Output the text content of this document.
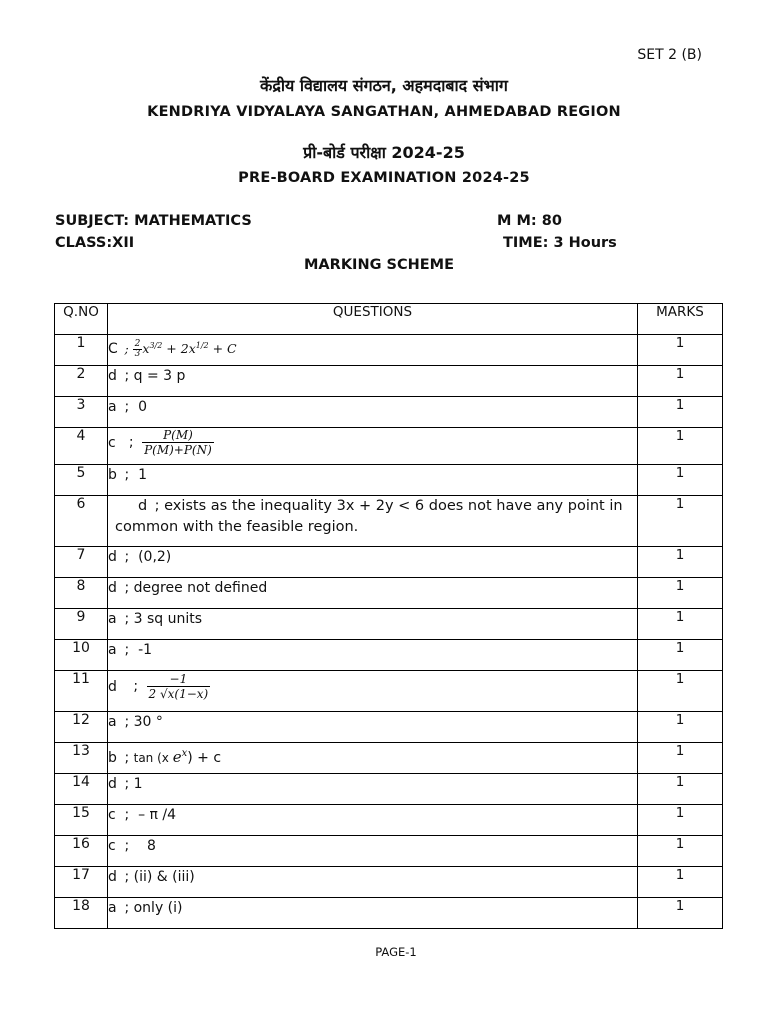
SET 2 (B)
केंद्रीय विद्यालय संगठन, अहमदाबाद संभाग
KENDRIYA VIDYALAYA SANGATHAN, AHMEDABAD REGION
प्री-बोर्ड परीक्षा 2024-25
PRE-BOARD EXAMINATION 2024-25
SUBJECT: MATHEMATICS	M M: 80
CLASS:XII	TIME: 3 Hours
MARKING SCHEME
Q.NO	QUESTIONS	MARKS
1	C ; $\frac{2}{3} x^{3/2} + 2x^{1/2} + C$	1
2	d ; q = 3 p	1
3	a ;  0	1
4	c  ; $\frac{P(M)}{P(M)+P(N)}$	1
5	b ;  1	1
6	d ; exists as the inequality 3x + 2y < 6 does not have any point in common with the feasible region.	1
7	d ;  (0,2)	1
8	d ; degree not defined	1
9	a ; 3 sq units	1
10	a ;  -1	1
11	d   ; $\frac{-1}{2 √x(1-x)}$	1
12	a ; 30 °	1
13	b ; tan (x $e^x) + c$	1
14	d ; 1	1
15	c ;  – π /4	1
16	c ;    8	1
17	d ; (ii) & (iii)	1
18	a ; only (i)	1
PAGE-1
